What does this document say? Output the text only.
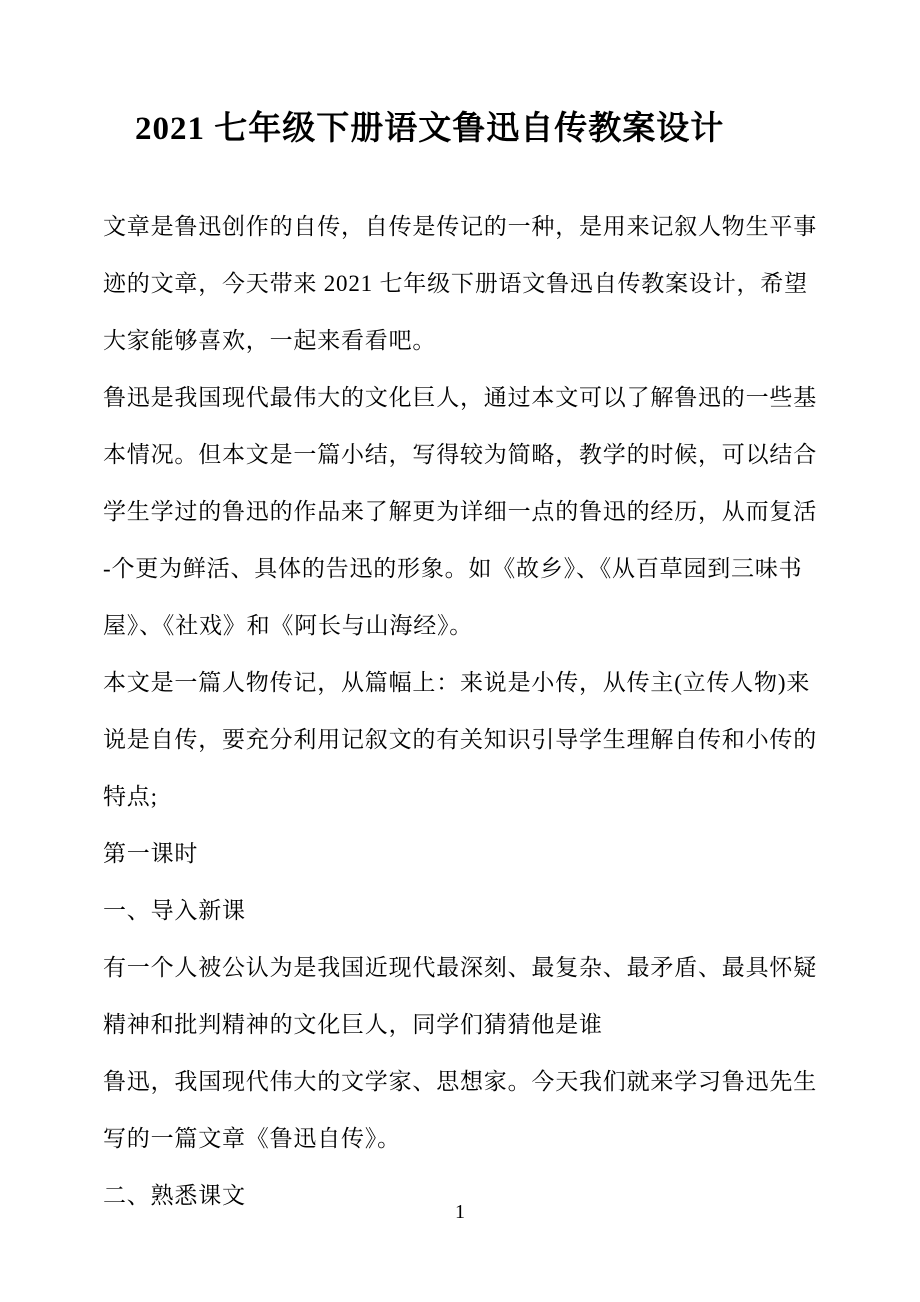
2021 七年级下册语文鲁迅自传教案设计

文章是鲁迅创作的自传，自传是传记的一种，是用来记叙人物生平事

迹的文章，今天带来 2021 七年级下册语文鲁迅自传教案设计，希望

大家能够喜欢，一起来看看吧。

鲁迅是我国现代最伟大的文化巨人，通过本文可以了解鲁迅的一些基

本情况。但本文是一篇小结，写得较为简略，教学的时候，可以结合

学生学过的鲁迅的作品来了解更为详细一点的鲁迅的经历，从而复活

-个更为鲜活、具体的告迅的形象。如《故乡》、《从百草园到三味书

屋》、《社戏》和《阿长与山海经》。

本文是一篇人物传记，从篇幅上：来说是小传，从传主(立传人物)来

说是自传，要充分利用记叙文的有关知识引导学生理解自传和小传的

特点;

第一课时

一、导入新课

有一个人被公认为是我国近现代最深刻、最复杂、最矛盾、最具怀疑

精神和批判精神的文化巨人，同学们猜猜他是谁

鲁迅，我国现代伟大的文学家、思想家。今天我们就来学习鲁迅先生

写的一篇文章《鲁迅自传》。

二、熟悉课文

1
